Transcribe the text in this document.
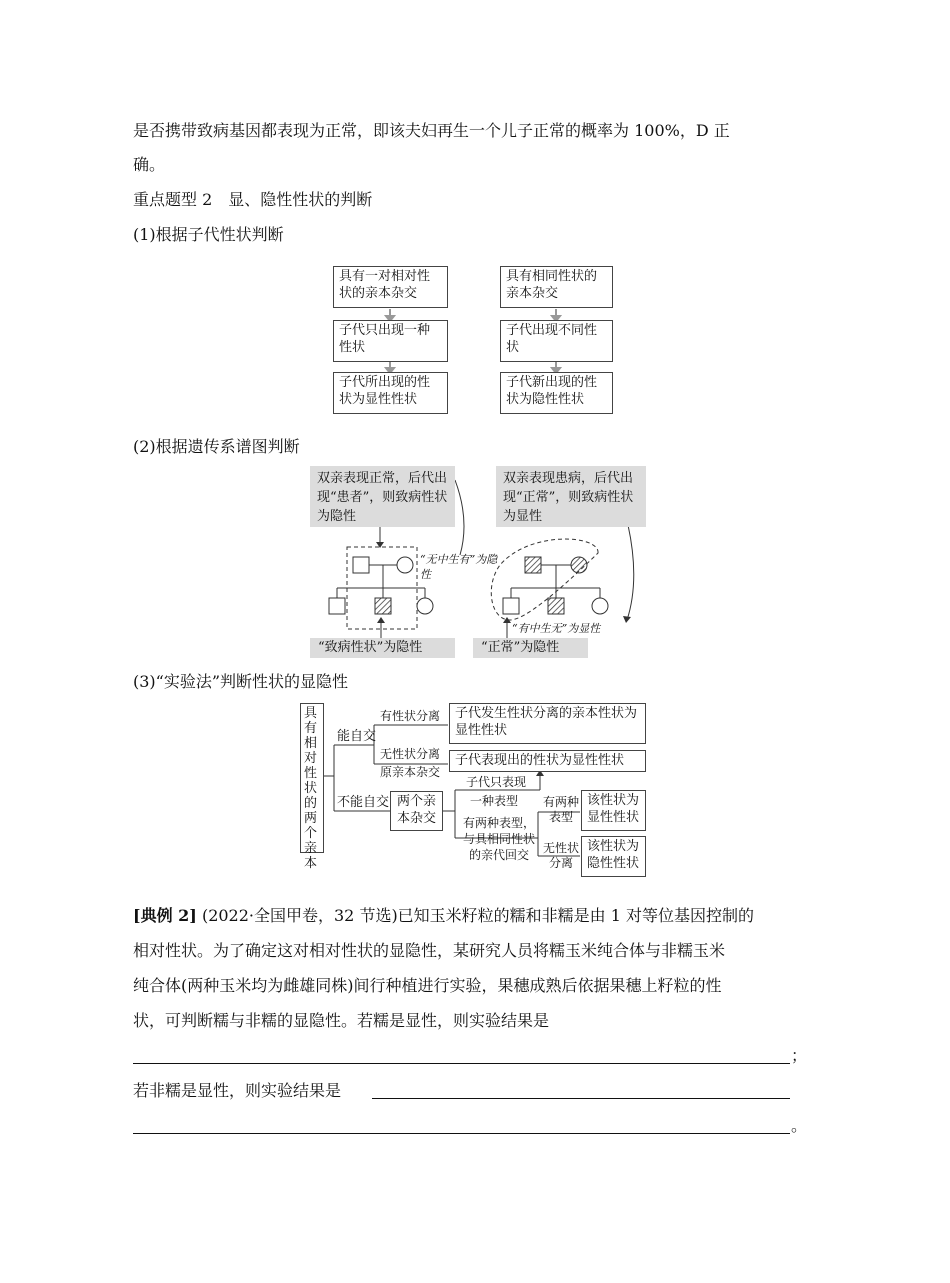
是否携带致病基因都表现为正常，即该夫妇再生一个儿子正常的概率为 100%，D 正
确。
重点题型 2　显、隐性性状的判断
(1)根据子代性状判断
具有一对相对性状的亲本杂交
子代只出现一种性状
子代所出现的性状为显性性状
具有相同性状的亲本杂交
子代出现不同性状
子代新出现的性状为隐性性状
(2)根据遗传系谱图判断
双亲表现正常，后代出现“患者”，则致病性状为隐性
双亲表现患病，后代出现“正常”，则致病性状为显性
“无中生有”为隐性
“有中生无”为显性
“致病性状”为隐性	“正常”为隐性
(3)“实验法”判断性状的显隐性
具有相对性状的两个亲本
能自交
不能自交
有性状分离
无性状分离
原亲本杂交
子代发生性状分离的亲本性状为显性性状
子代表现出的性状为显性性状
子代只表现
一种表型
两个亲本杂交	有两种表型，与具相同性状的亲代回交
有两种表型
无性状分离
该性状为显性性状
该性状为隐性性状
[典例 2] (2022·全国甲卷，32 节选)已知玉米籽粒的糯和非糯是由 1 对等位基因控制的
相对性状。为了确定这对相对性状的显隐性，某研究人员将糯玉米纯合体与非糯玉米
纯合体(两种玉米均为雌雄同株)间行种植进行实验，果穗成熟后依据果穗上籽粒的性
状，可判断糯与非糯的显隐性。若糯是显性，则实验结果是
；
若非糯是显性，则实验结果是
。
